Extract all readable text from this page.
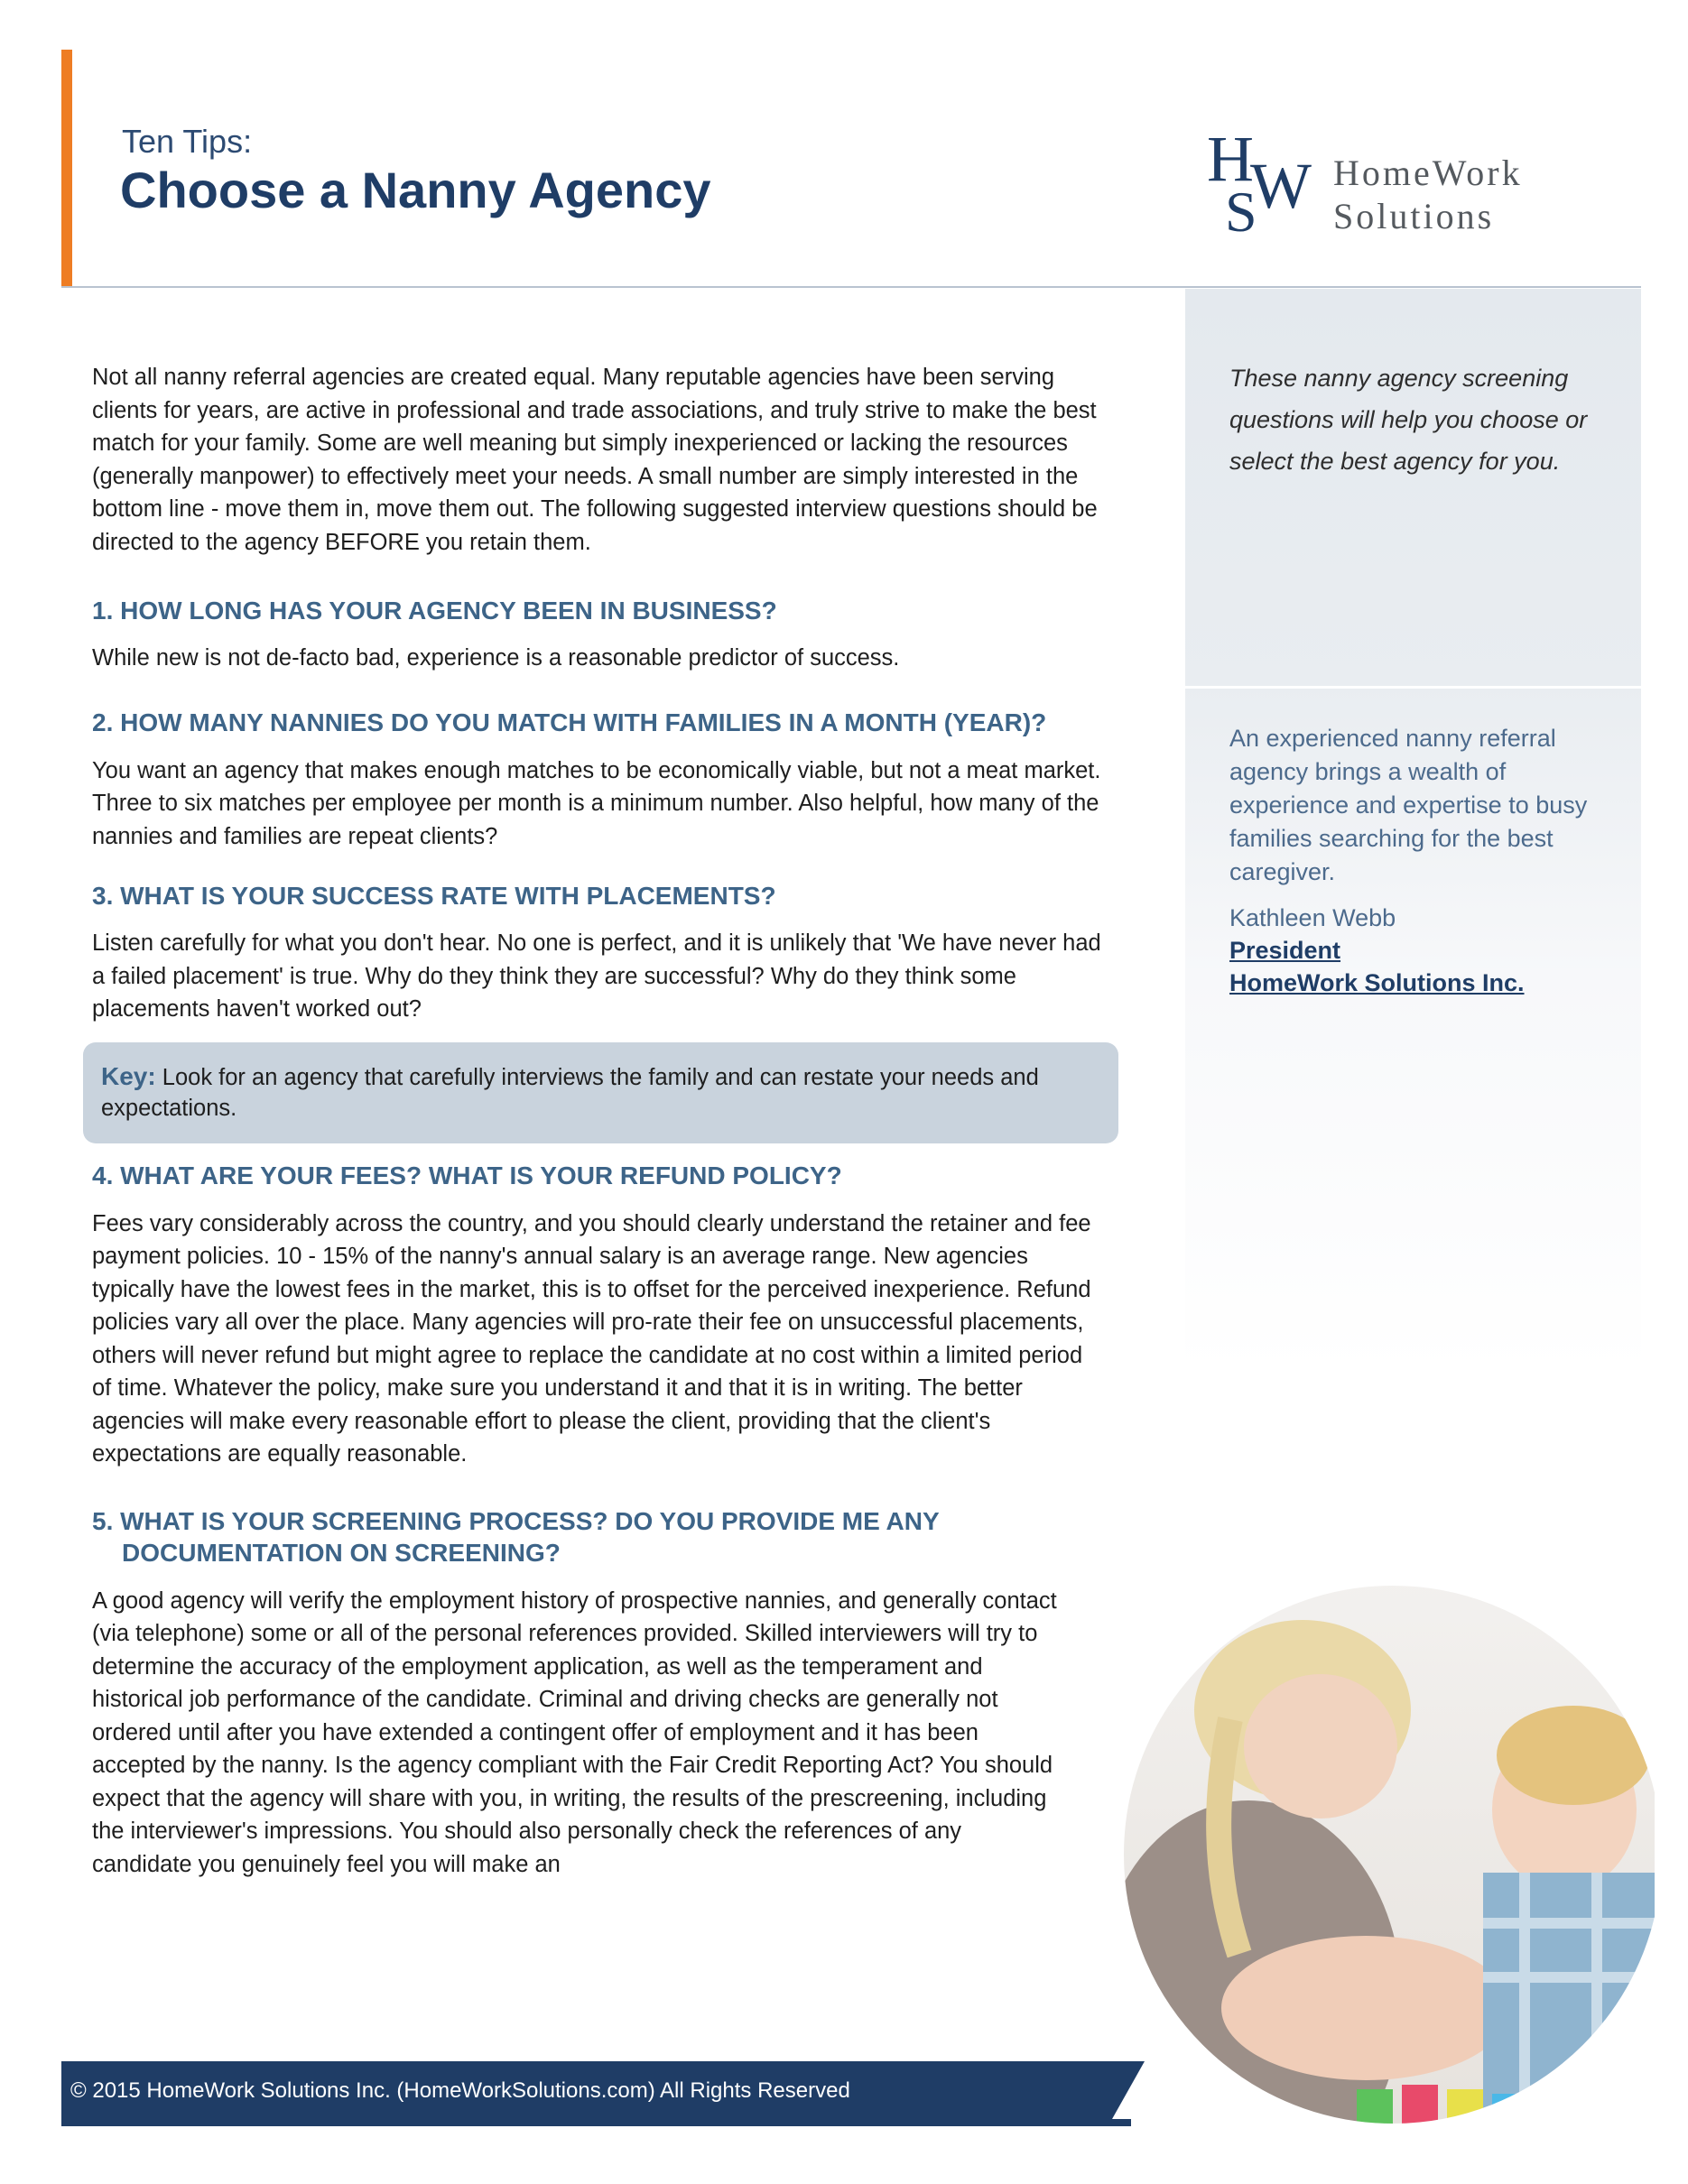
Ten Tips:
Choose a Nanny Agency	H
S
W HomeWork
Solutions
These nanny agency screening questions will help you choose or select the best agency for you.
An experienced nanny referral agency brings a wealth of experience and expertise to busy families searching for the best caregiver.
Kathleen Webb
President
HomeWork Solutions Inc.

Not all nanny referral agencies are created equal. Many reputable agencies have been serving clients for years, are active in professional and trade associations, and truly strive to make the best match for your family. Some are well meaning but simply inexperienced or lacking the resources (generally manpower) to effectively meet your needs. A small number are simply interested in the bottom line - move them in, move them out. The following suggested interview questions should be directed to the agency BEFORE you retain them.

1. HOW LONG HAS YOUR AGENCY BEEN IN BUSINESS?

While new is not de-facto bad, experience is a reasonable predictor of success.

2. HOW MANY NANNIES DO YOU MATCH WITH FAMILIES IN A MONTH (YEAR)?

You want an agency that makes enough matches to be economically viable, but not a meat market. Three to six matches per employee per month is a minimum number. Also helpful, how many of the nannies and families are repeat clients?

3. WHAT IS YOUR SUCCESS RATE WITH PLACEMENTS?

Listen carefully for what you don't hear. No one is perfect, and it is unlikely that 'We have never had a failed placement' is true. Why do they think they are successful? Why do they think some placements haven't worked out?

Key: Look for an agency that carefully interviews the family and can restate your needs and expectations.

4. WHAT ARE YOUR FEES? WHAT IS YOUR REFUND POLICY?

Fees vary considerably across the country, and you should clearly understand the retainer and fee payment policies. 10 - 15% of the nanny's annual salary is an average range. New agencies typically have the lowest fees in the market, this is to offset for the perceived inexperience. Refund policies vary all over the place. Many agencies will pro-rate their fee on unsuccessful placements, others will never refund but might agree to replace the candidate at no cost within a limited period of time. Whatever the policy, make sure you understand it and that it is in writing. The better agencies will make every reasonable effort to please the client, providing that the client's expectations are equally reasonable.

5. WHAT IS YOUR SCREENING PROCESS? DO YOU PROVIDE ME ANY DOCUMENTATION ON SCREENING?

A good agency will verify the employment history of prospective nannies, and generally contact (via telephone) some or all of the personal references provided. Skilled interviewers will try to determine the accuracy of the employment application, as well as the temperament and historical job performance of the candidate. Criminal and driving checks are generally not ordered until after you have extended a contingent offer of employment and it has been accepted by the nanny. Is the agency compliant with the Fair Credit Reporting Act? You should expect that the agency will share with you, in writing, the results of the prescreening, including the interviewer's impressions. You should also personally check the references of any candidate you genuinely feel you will make an

© 2015 HomeWork Solutions Inc. (HomeWorkSolutions.com) All Rights Reserved
